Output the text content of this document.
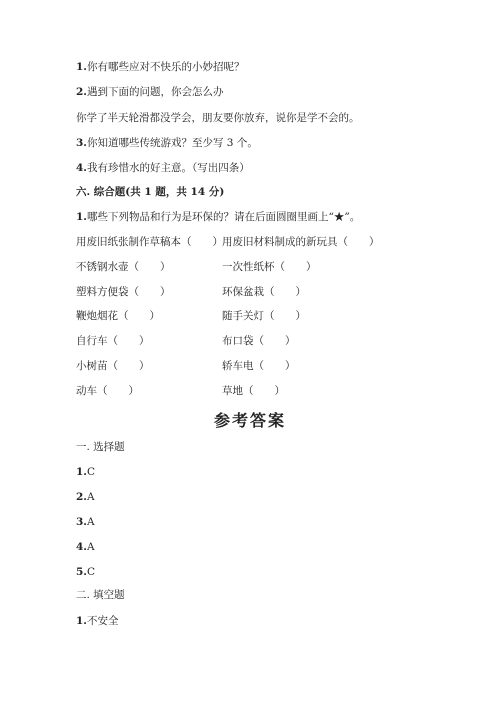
1.你有哪些应对不快乐的小妙招呢？
2.遇到下面的问题，你会怎么办
你学了半天轮滑都没学会，朋友要你放弃，说你是学不会的。
3.你知道哪些传统游戏？至少写 3 个。
4.我有珍惜水的好主意。（写出四条）
六. 综合题(共 1 题，共 14 分)
1.哪些下列物品和行为是环保的？请在后面圆圈里画上“★”。
用废旧纸张制作草稿本（　　） 用废旧材料制成的新玩具（　　）
不锈钢水壶（　　）	一次性纸杯（　　）
塑料方便袋（　　）	环保盆栽（　　）
鞭炮烟花（　　）	随手关灯（　　）
自行车（　　）	布口袋（　　）
小树苗（　　）	轿车电（　　）
动车（　　）	草地（　　）
参考答案
一. 选择题
1.C
2.A
3.A
4.A
5.C
二. 填空题
1.不安全
